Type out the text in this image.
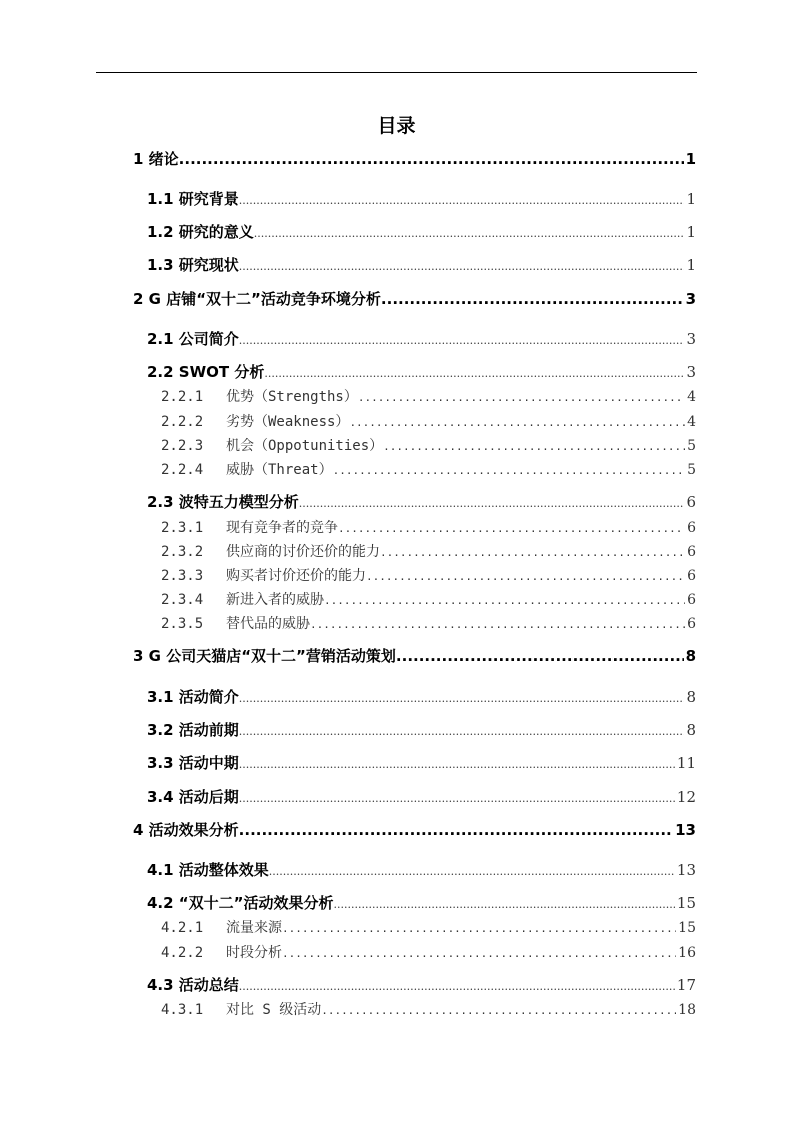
目录
1 绪论 .....	1
1.1 研究背景 .....	1
1.2 研究的意义 .....	1
1.3 研究现状 .....	1
2 G 店铺“双十二”活动竞争环境分析 .....	3
2.1 公司简介 .....	3
2.2 SWOT 分析 .....	3
2.2.1 优势（Strengths） .....	4
2.2.2 劣势（Weakness） .....	4
2.2.3 机会（Oppotunities） .....	5
2.2.4 威胁（Threat） .....	5
2.3 波特五力模型分析 .....	6
2.3.1 现有竞争者的竞争 .....	6
2.3.2 供应商的讨价还价的能力 .....	6
2.3.3 购买者讨价还价的能力 .....	6
2.3.4 新进入者的威胁 .....	6
2.3.5 替代品的威胁 .....	6
3 G 公司天猫店“双十二”营销活动策划 .....	8
3.1 活动简介 .....	8
3.2 活动前期 .....	8
3.3 活动中期 .....	11
3.4 活动后期 .....	12
4 活动效果分析 .....	13
4.1 活动整体效果 .....	13
4.2 “双十二”活动效果分析 .....	15
4.2.1 流量来源 .....	15
4.2.2 时段分析 .....	16
4.3 活动总结 .....	17
4.3.1 对比 S 级活动 .....	18
